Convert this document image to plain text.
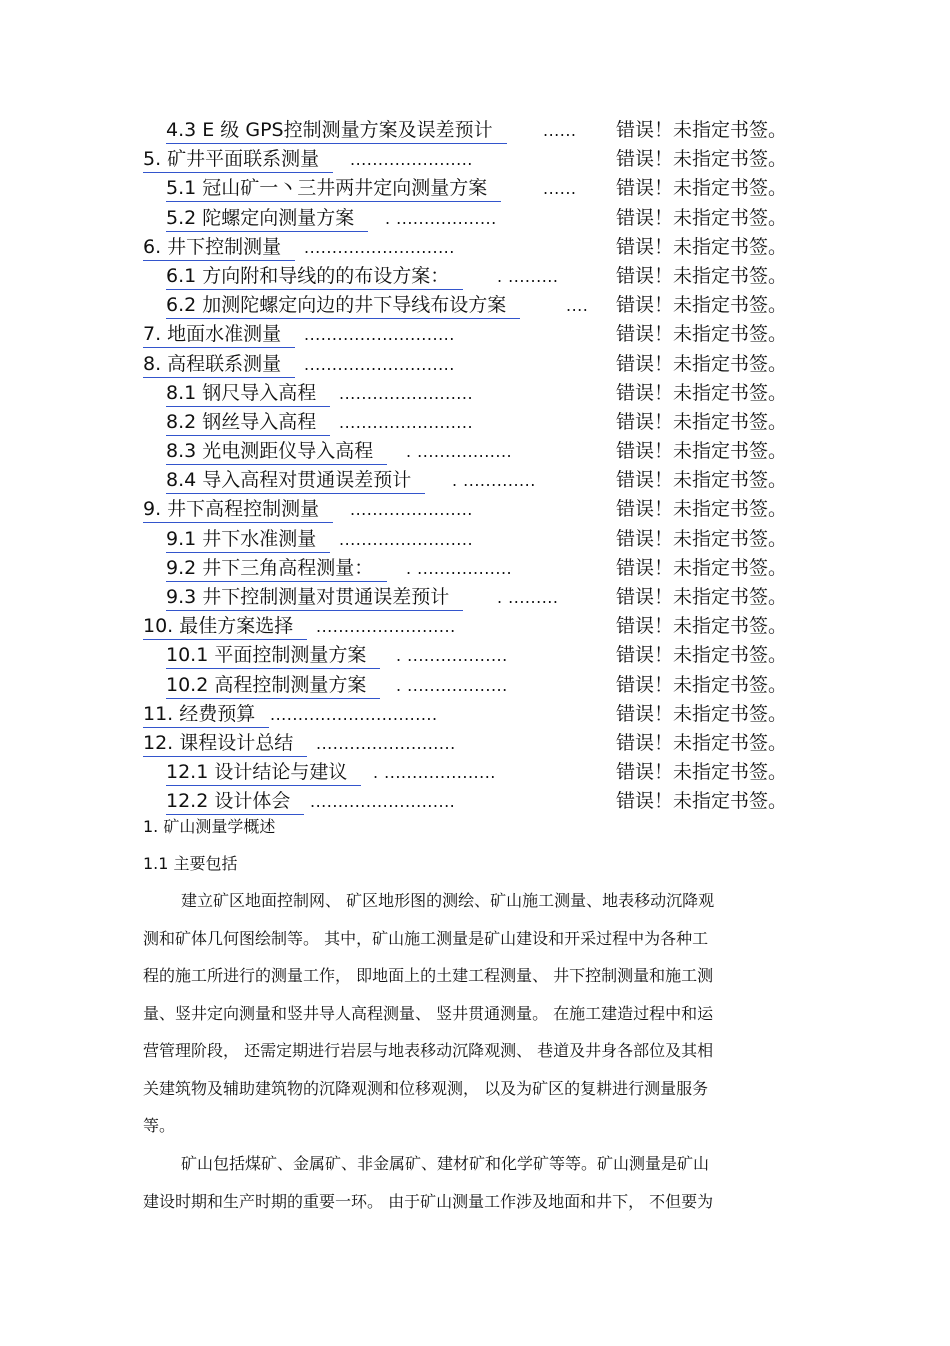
4.3 E 级 GPS控制测量方案及误差预计	...... 错误！未指定书签。
5. 矿井平面联系测量	......................	错误！未指定书签。
5.1 冠山矿一丶三井两井定向测量方案	...... 错误！未指定书签。
5.2 陀螺定向测量方案	. ..................	错误！未指定书签。
6. 井下控制测量	...........................	错误！未指定书签。
6.1 方向附和导线的的布设方案：	. .........	错误！未指定书签。
6.2 加测陀螺定向边的井下导线布设方案	.... 错误！未指定书签。
7. 地面水准测量	...........................	错误！未指定书签。
8. 高程联系测量	...........................	错误！未指定书签。
8.1 钢尺导入高程	........................	错误！未指定书签。
8.2 钢丝导入高程	........................	错误！未指定书签。
8.3 光电测距仪导入高程	. .................	错误！未指定书签。
8.4 导入高程对贯通误差预计	. .............	错误！未指定书签。
9. 井下高程控制测量	......................	错误！未指定书签。
9.1 井下水准测量	........................	错误！未指定书签。
9.2 井下三角高程测量：	. .................	错误！未指定书签。
9.3 井下控制测量对贯通误差预计	. .........	错误！未指定书签。
10. 最佳方案选择	.........................	错误！未指定书签。
10.1 平面控制测量方案	. ..................	错误！未指定书签。
10.2 高程控制测量方案	. ..................	错误！未指定书签。
11. 经费预算 ..............................	错误！未指定书签。
12. 课程设计总结	.........................	错误！未指定书签。
12.1 设计结论与建议	. ....................	错误！未指定书签。
12.2 设计体会	..........................	错误！未指定书签。
1. 矿山测量学概述
1.1 主要包括
建立矿区地面控制网、 矿区地形图的测绘、矿山施工测量、地表移动沉降观
测和矿体几何图绘制等。 其中，矿山施工测量是矿山建设和开采过程中为各种工
程的施工所进行的测量工作， 即地面上的土建工程测量、 井下控制测量和施工测
量、竖井定向测量和竖井导人高程测量、 竖井贯通测量。 在施工建造过程中和运
营管理阶段， 还需定期进行岩层与地表移动沉降观测、 巷道及井身各部位及其相
关建筑物及辅助建筑物的沉降观测和位移观测， 以及为矿区的复耕进行测量服务
等。
矿山包括煤矿、金属矿、非金属矿、建材矿和化学矿等等。矿山测量是矿山
建设时期和生产时期的重要一环。 由于矿山测量工作涉及地面和井下， 不但要为
